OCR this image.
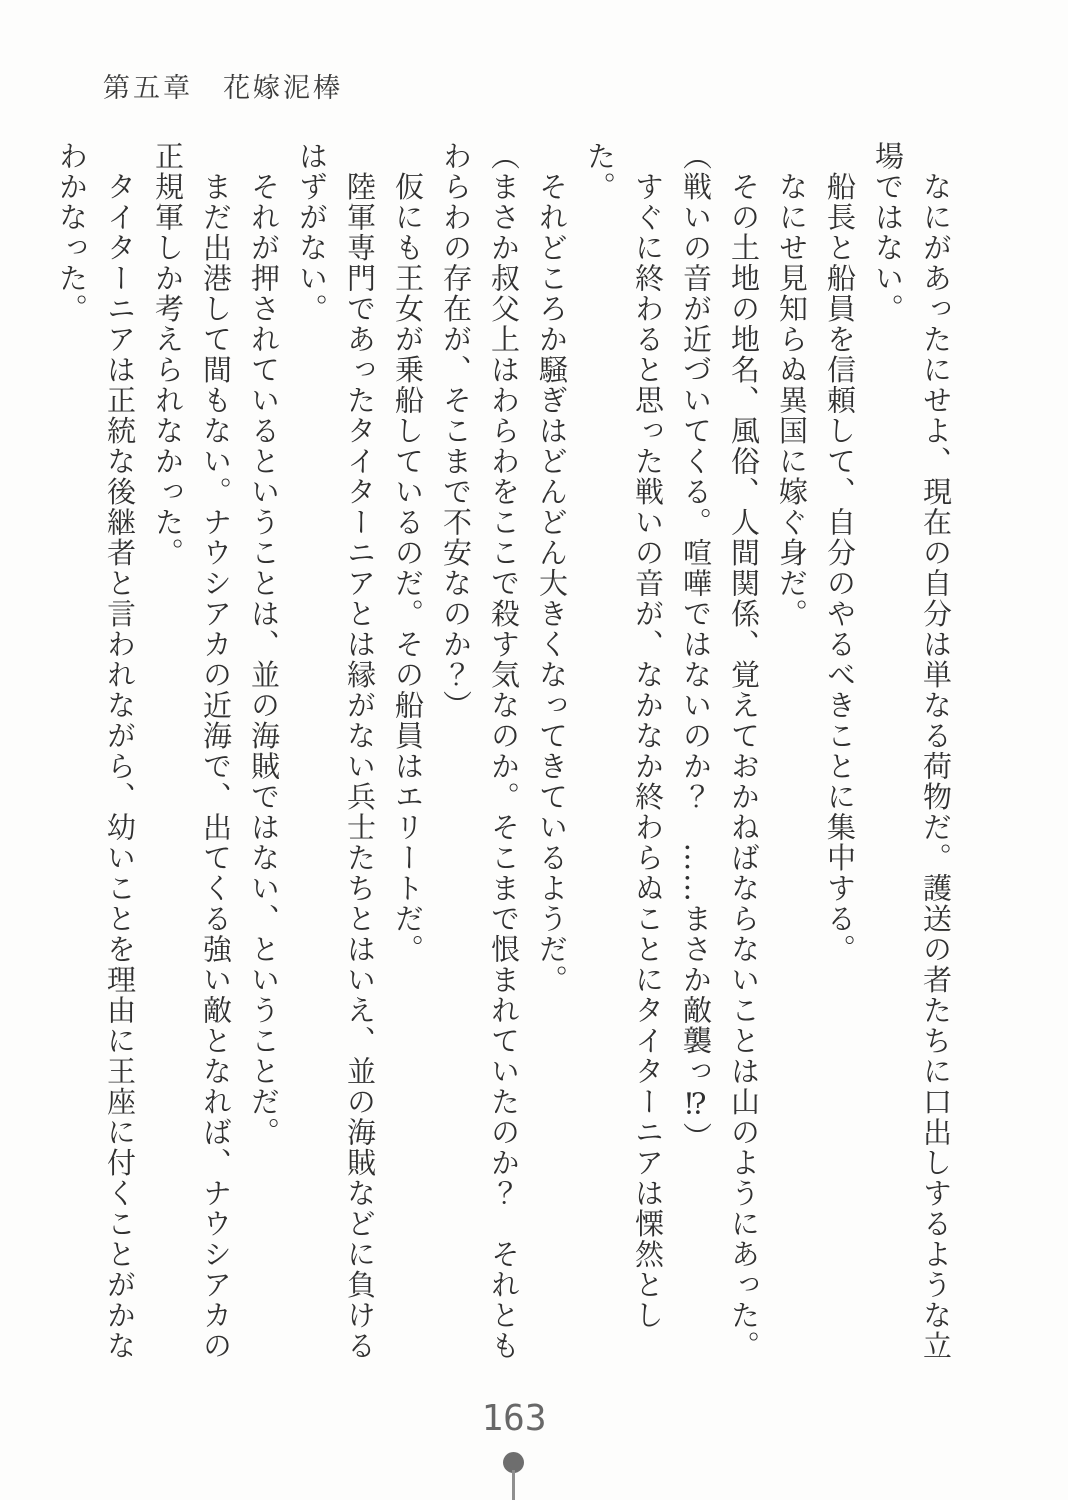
第五章　花嫁泥棒

　なにがあったにせよ、現在の自分は単なる荷物だ。護送の者たちに口出しするような立場ではない。

　船長と船員を信頼して、自分のやるべきことに集中する。

　なにせ見知らぬ異国に嫁ぐ身だ。

　その土地の地名、風俗、人間関係、覚えておかねばならないことは山のようにあった。

（戦いの音が近づいてくる。喧嘩ではないのか？　……まさか敵襲っ⁉）

　すぐに終わると思った戦いの音が、なかなか終わらぬことにタイターニアは慄然とした。

　それどころか騒ぎはどんどん大きくなってきているようだ。

（まさか叔父上はわらわをここで殺す気なのか。そこまで恨まれていたのか？　それともわらわの存在が、そこまで不安なのか？）

　仮にも王女が乗船しているのだ。その船員はエリートだ。

　陸軍専門であったタイターニアとは縁がない兵士たちとはいえ、並の海賊などに負けるはずがない。

　それが押されているということは、並の海賊ではない、ということだ。

　まだ出港して間もない。ナウシアカの近海で、出てくる強い敵となれば、ナウシアカの正規軍しか考えられなかった。

　タイターニアは正統な後継者と言われながら、幼いことを理由に王座に付くことがかなわかなった。

163
